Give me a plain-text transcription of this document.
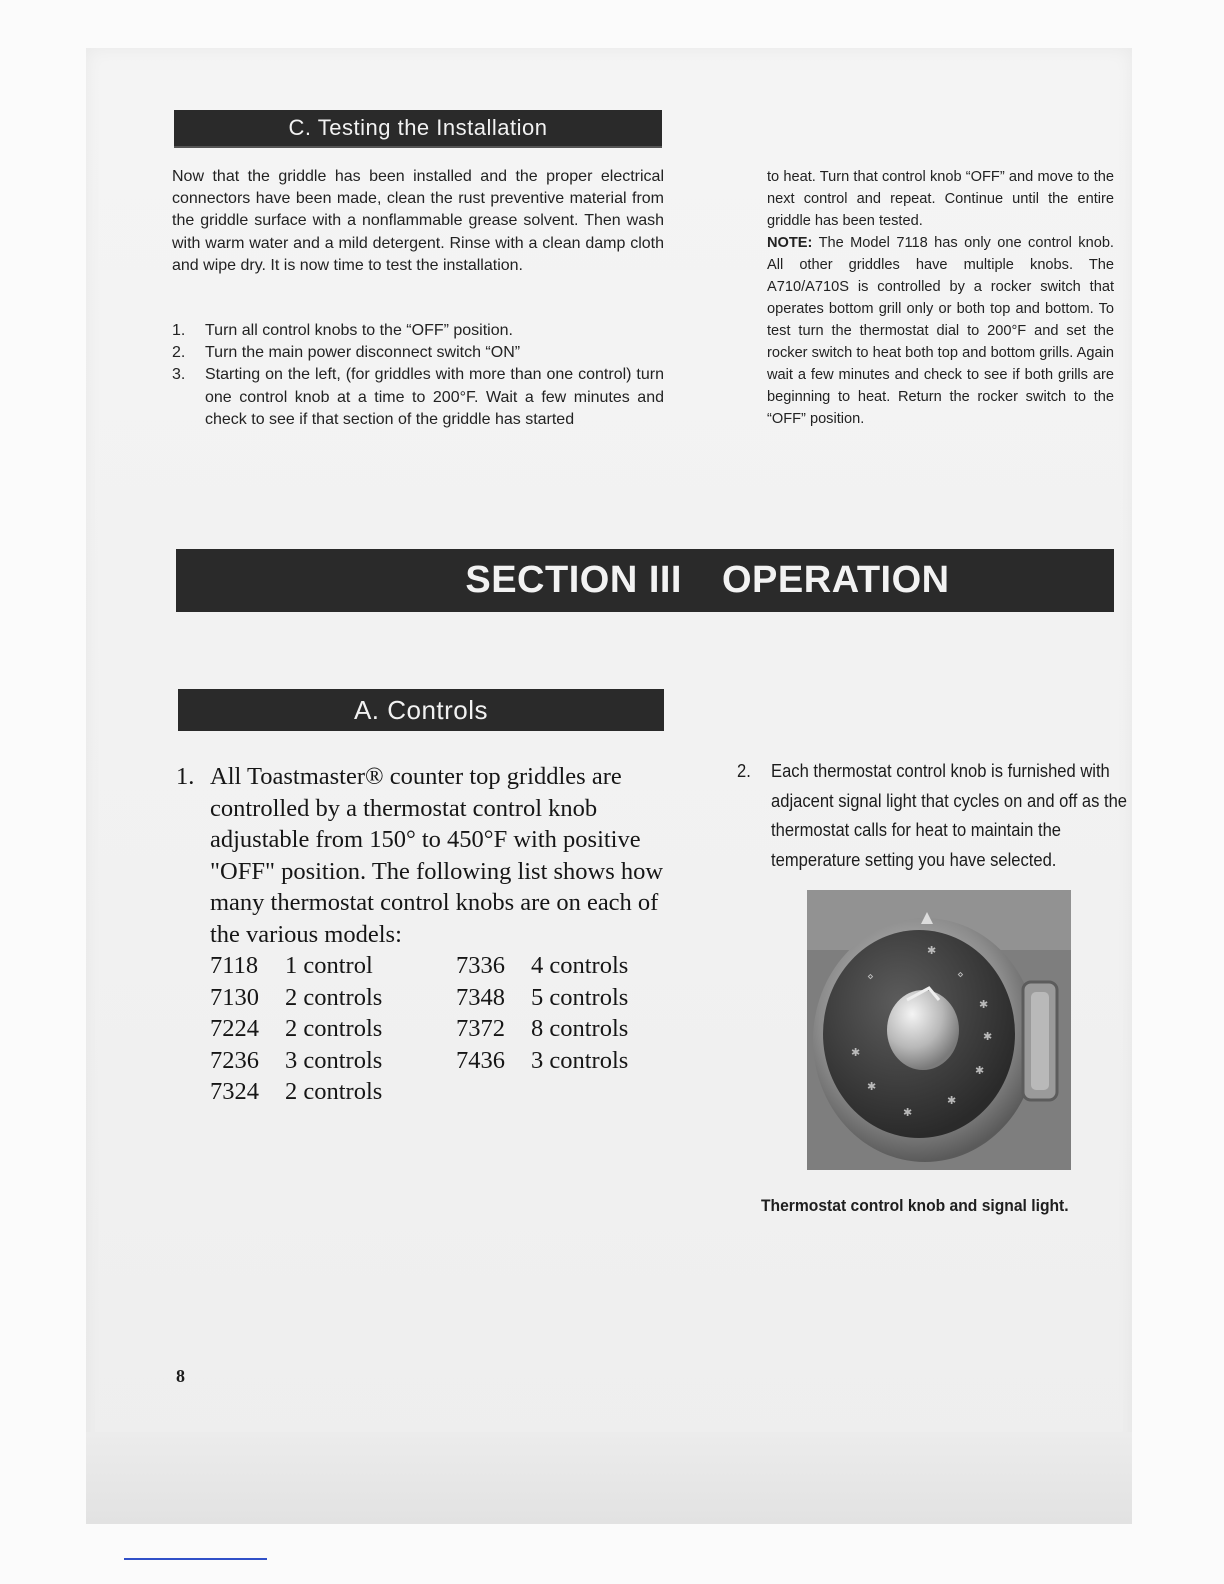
C. Testing the Installation
Now that the griddle has been installed and the proper electrical connectors have been made, clean the rust preventive material from the griddle surface with a nonflammable grease solvent. Then wash with warm water and a mild detergent. Rinse with a clean damp cloth and wipe dry. It is now time to test the installation.
1. Turn all control knobs to the “OFF” position.
2. Turn the main power disconnect switch “ON”
3. Starting on the left, (for griddles with more than one control) turn one control knob at a time to 200°F. Wait a few minutes and check to see if that section of the griddle has started
to heat. Turn that control knob “OFF” and move to the next control and repeat. Continue until the entire griddle has been tested.
NOTE: The Model 7118 has only one control knob. All other griddles have multiple knobs. The A710/A710S is controlled by a rocker switch that operates bottom grill only or both top and bottom. To test turn the thermostat dial to 200°F and set the rocker switch to heat both top and bottom grills. Again wait a few minutes and check to see if both grills are beginning to heat. Return the rocker switch to the “OFF” position.
SECTION III OPERATION
A. Controls
1. All Toastmaster® counter top griddles are controlled by a thermostat control knob adjustable from 150° to 450°F with positive "OFF" position. The following list shows how many thermostat control knobs are on each of the various models:
7118	1 control	7336	4 controls
7130	2 controls	7348	5 controls
7224	2 controls	7372	8 controls
7236	3 controls	7436	3 controls
7324	2 controls		
2.	Each thermostat control knob is furnished with adjacent signal light that cycles on and off as the thermostat calls for heat to maintain the temperature setting you have selected.
⋄	⋄
✱
✱
✱
✱
✱
✱
✱
✱
Thermostat control knob and signal light.
8
